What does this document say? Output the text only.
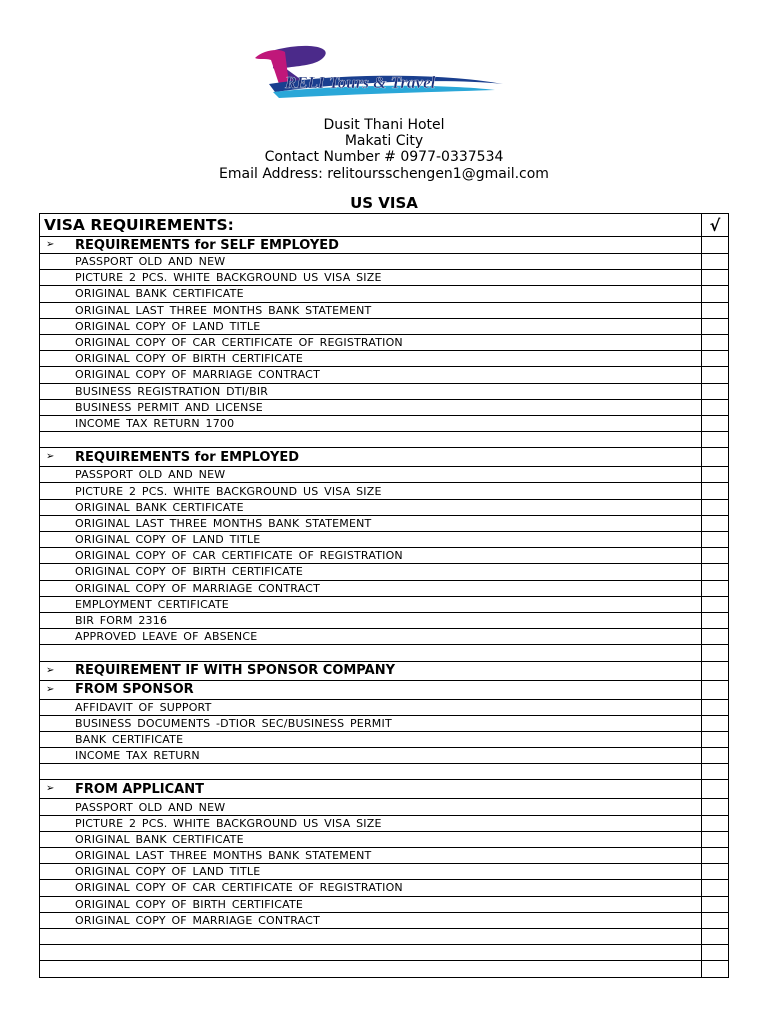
RELI Tours & Travel
Dusit Thani Hotel
Makati City
Contact Number # 0977-0337534
Email Address: relitoursschengen1@gmail.com
US VISA
VISA REQUIREMENTS:	√

➢ REQUIREMENTS for SELF EMPLOYED	

PASSPORT OLD AND NEW	

PICTURE 2 PCS. WHITE BACKGROUND US VISA SIZE	

ORIGINAL BANK CERTIFICATE	

ORIGINAL LAST THREE MONTHS BANK STATEMENT	

ORIGINAL COPY OF LAND TITLE	

ORIGINAL COPY OF CAR CERTIFICATE OF REGISTRATION	

ORIGINAL COPY OF BIRTH CERTIFICATE	

ORIGINAL COPY OF MARRIAGE CONTRACT	

BUSINESS REGISTRATION DTI/BIR	

BUSINESS PERMIT AND LICENSE	

INCOME TAX RETURN 1700	

➢ REQUIREMENTS for EMPLOYED	

PASSPORT OLD AND NEW	

PICTURE 2 PCS. WHITE BACKGROUND US VISA SIZE	

ORIGINAL BANK CERTIFICATE	

ORIGINAL LAST THREE MONTHS BANK STATEMENT	

ORIGINAL COPY OF LAND TITLE	

ORIGINAL COPY OF CAR CERTIFICATE OF REGISTRATION	

ORIGINAL COPY OF BIRTH CERTIFICATE	

ORIGINAL COPY OF MARRIAGE CONTRACT	

EMPLOYMENT CERTIFICATE	

BIR FORM 2316	

APPROVED LEAVE OF ABSENCE	

➢ REQUIREMENT IF WITH SPONSOR COMPANY	

➢ FROM SPONSOR	

AFFIDAVIT OF SUPPORT	

BUSINESS DOCUMENTS -DTIOR SEC/BUSINESS PERMIT	

BANK CERTIFICATE	

INCOME TAX RETURN	

➢ FROM APPLICANT	

PASSPORT OLD AND NEW	

PICTURE 2 PCS. WHITE BACKGROUND US VISA SIZE	

ORIGINAL BANK CERTIFICATE	

ORIGINAL LAST THREE MONTHS BANK STATEMENT	

ORIGINAL COPY OF LAND TITLE	

ORIGINAL COPY OF CAR CERTIFICATE OF REGISTRATION	

ORIGINAL COPY OF BIRTH CERTIFICATE	

ORIGINAL COPY OF MARRIAGE CONTRACT	
